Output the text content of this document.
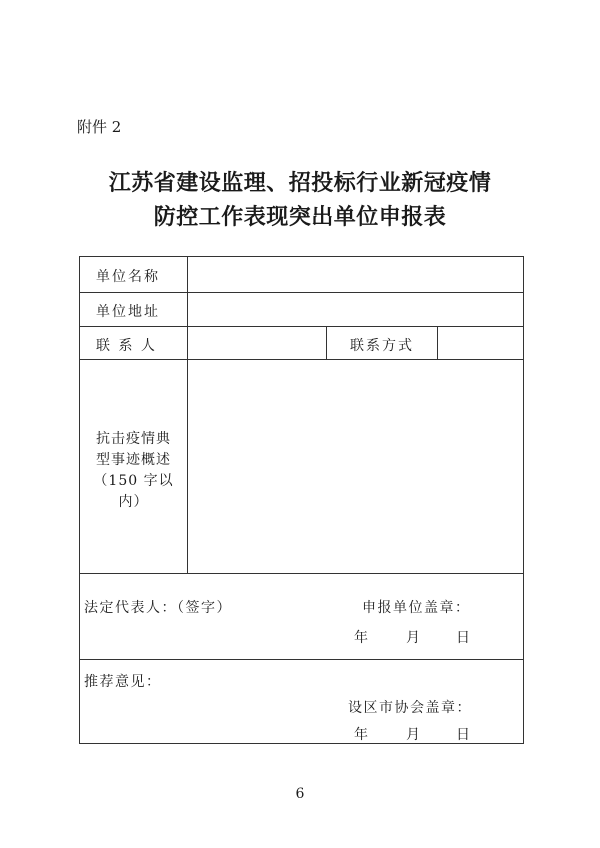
附件 2
江苏省建设监理、招投标行业新冠疫情
防控工作表现突出单位申报表
单位名称
单位地址
联 系 人	联系方式
抗击疫情典
型事迹概述
（150 字以
内）
法定代表人：（签字）	申报单位盖章：
年	月	日
推荐意见：
设区市协会盖章：
年	月	日
6
